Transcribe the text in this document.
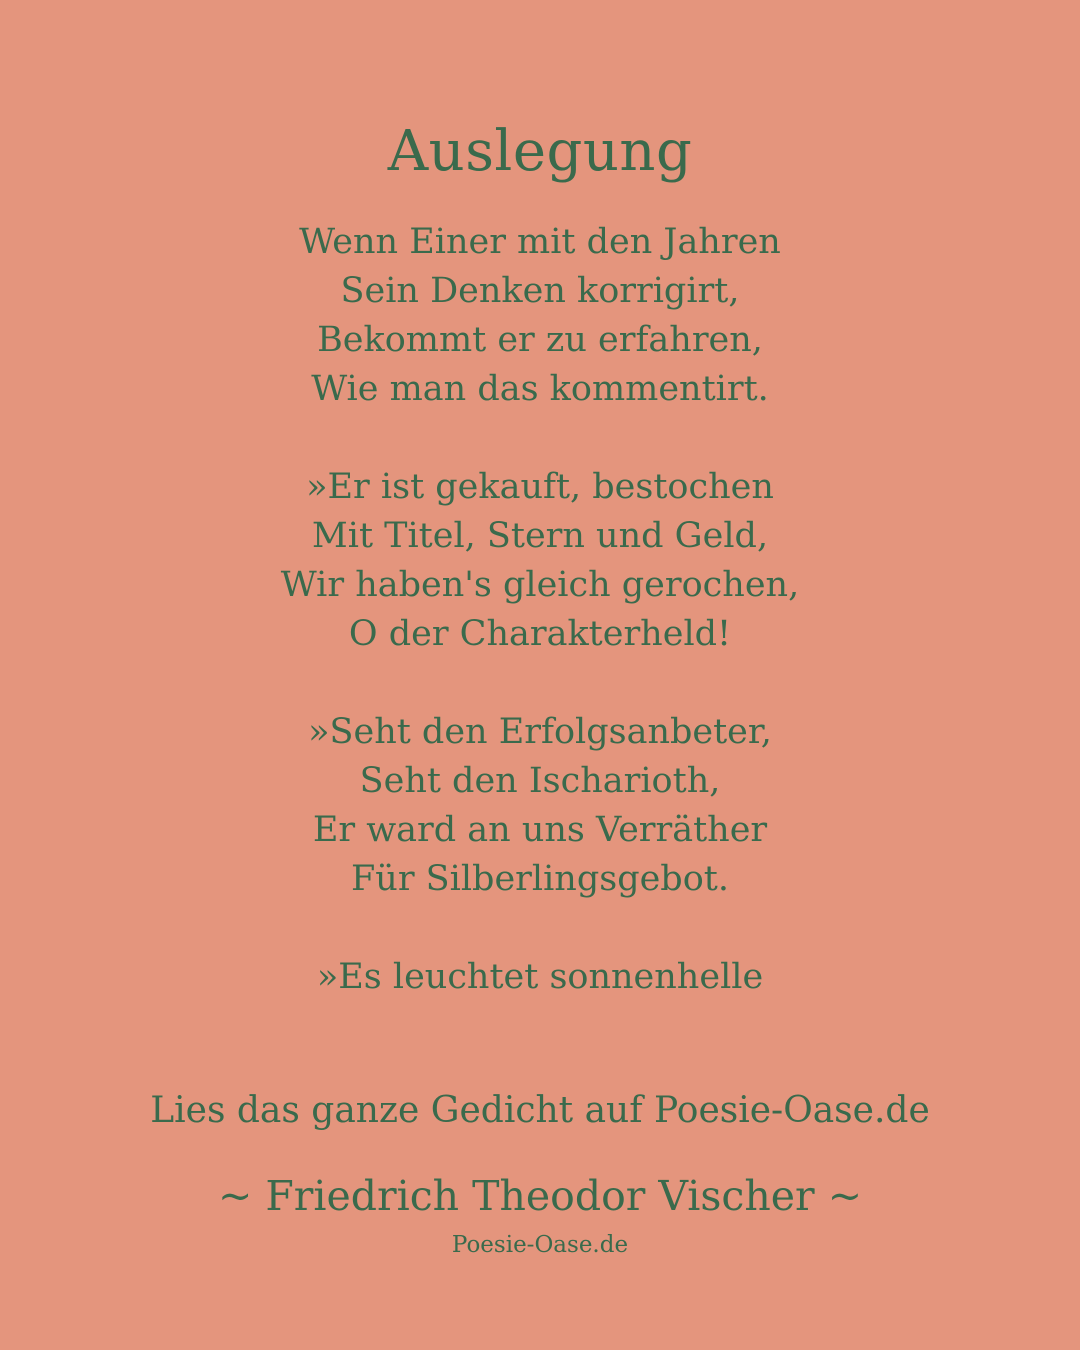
Auslegung
Wenn Einer mit den Jahren
Sein Denken korrigirt,
Bekommt er zu erfahren,
Wie man das kommentirt.
»Er ist gekauft, bestochen
Mit Titel, Stern und Geld,
Wir haben's gleich gerochen,
O der Charakterheld!
»Seht den Erfolgsanbeter,
Seht den Ischarioth,
Er ward an uns Verräther
Für Silberlingsgebot.
»Es leuchtet sonnenhelle

Lies das ganze Gedicht auf Poesie-Oase.de

~ Friedrich Theodor Vischer ~

Poesie-Oase.de
